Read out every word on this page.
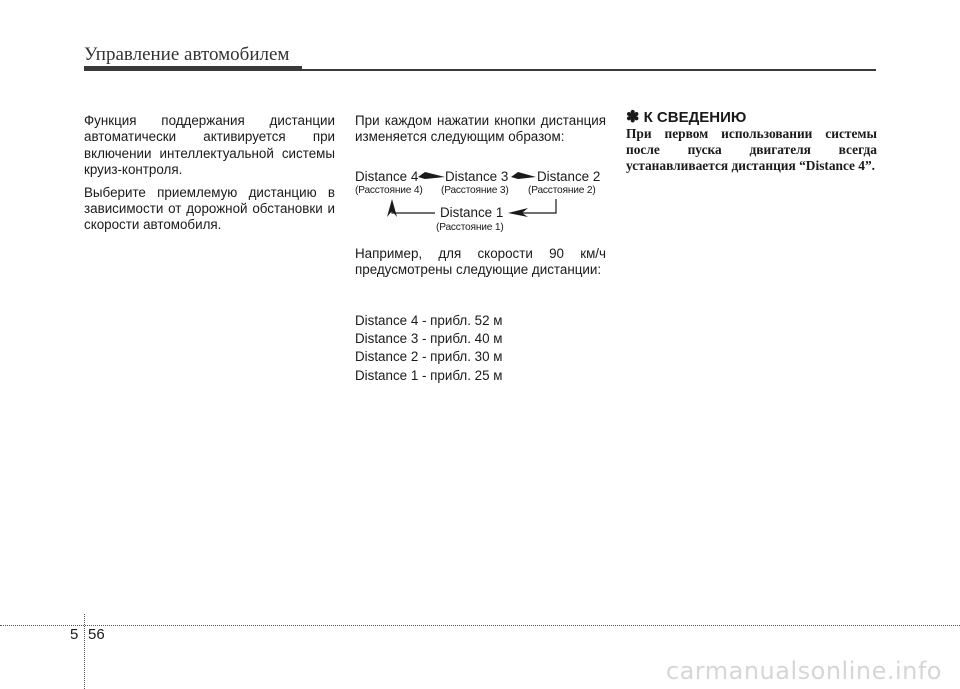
Управление автомобилем

Функция поддержания дистанции автоматически активируется при включении интеллектуальной системы круиз-контроля.

Выберите приемлемую дистанцию в зависимости от дорожной обстановки и скорости автомобиля.

При каждом нажатии кнопки дистанция изменяется следующим образом:

Distance 4 Distance 3 Distance 2
(Расстояние 4) (Расстояние 3) (Расстояние 2)
Distance 1
(Расстояние 1)

Например, для скорости 90 км/ч предусмотрены следующие дистанции:

Distance 4 - прибл. 52 м

Distance 3 - прибл. 40 м

Distance 2 - прибл. 30 м

Distance 1 - прибл. 25 м

✽ К СВЕДЕНИЮ

При первом использовании системы после пуска двигателя всегда устанавливается дистанция “Distance 4”.

5 56
carmanualsonline.info
